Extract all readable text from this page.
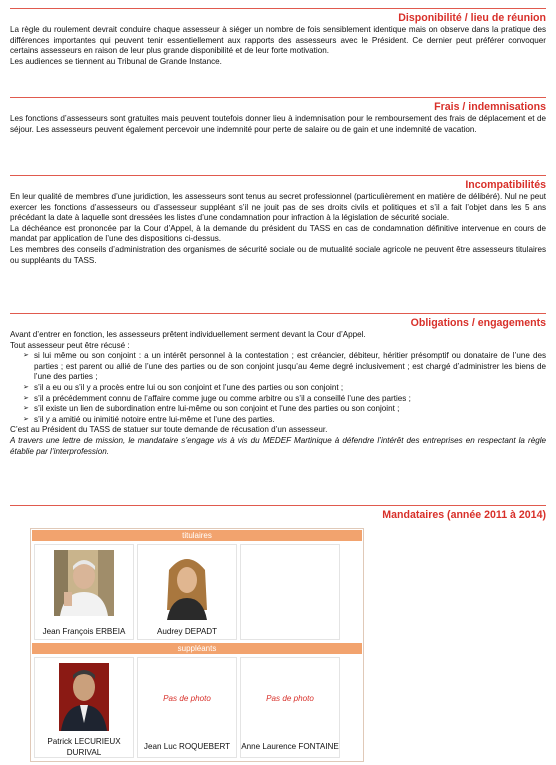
Disponibilité / lieu de réunion

La règle du roulement devrait conduire chaque assesseur à siéger un nombre de fois sensiblement identique mais on observe dans la pratique des différences importantes qui peuvent tenir essentiellement aux rapports des assesseurs avec le Président. Ce dernier peut préférer convoquer certains assesseurs en raison de leur plus grande disponibilité et de leur forte motivation.

Les audiences se tiennent au Tribunal de Grande Instance.

Frais / indemnisations

Les fonctions d’assesseurs sont gratuites mais peuvent toutefois donner lieu à indemnisation pour le remboursement des frais de déplacement et de séjour. Les assesseurs peuvent également percevoir une indemnité pour perte de salaire ou de gain et une indemnité de vacation.

Incompatibilités

En leur qualité de membres d’une juridiction, les assesseurs sont tenus au secret professionnel (particulièrement en matière de délibéré). Nul ne peut exercer les fonctions d’assesseurs ou d’assesseur suppléant s’il ne jouit pas de ses droits civils et politiques et s’il a fait l’objet dans les 5 ans précédant la date à laquelle sont dressées les listes d’une condamnation pour infraction à la législation de sécurité sociale.

La déchéance est prononcée par la Cour d’Appel, à la demande du président du TASS en cas de condamnation définitive intervenue en cours de mandat par application de l’une des dispositions ci-dessus.

Les membres des conseils d’administration des organismes de sécurité sociale ou de mutualité sociale agricole ne peuvent être assesseurs titulaires ou suppléants du TASS.

Obligations / engagements

Avant d’entrer en fonction, les assesseurs prêtent individuellement serment devant la Cour d’Appel.

Tout assesseur peut être récusé :

➢ si lui même ou son conjoint : a un intérêt personnel à la contestation ; est créancier, débiteur, héritier présomptif ou donataire de l’une des parties ; est parent ou allié de l’une des parties ou de son conjoint jusqu’au 4eme degré inclusivement ; est chargé d’administrer les biens de l’une des parties ;
➢ s’il a eu ou s’il y a procès entre lui ou son conjoint et l’une des parties ou son conjoint ;
➢ s’il a précédemment connu de l’affaire comme juge ou comme arbitre ou s’il a conseillé l’une des parties ;
➢ s’il existe un lien de subordination entre lui-même ou son conjoint et l’une des parties ou son conjoint ;
➢ s’il y a amitié ou inimitié notoire entre lui-même et l’une des parties.

C’est au Président du TASS de statuer sur toute demande de récusation d’un assesseur.

A travers une lettre de mission, le mandataire s’engage vis à vis du MEDEF Martinique à défendre l’intérêt des entreprises en respectant la règle établie par l’interprofession.

Mandataires (année 2011 à 2014)
titulaires
Jean François ERBEIA	Audrey DEPADT
suppléants
Patrick LECURIEUX DURIVAL
Pas de photo
Jean Luc ROQUEBERT
Pas de photo
Anne Laurence FONTAINE
